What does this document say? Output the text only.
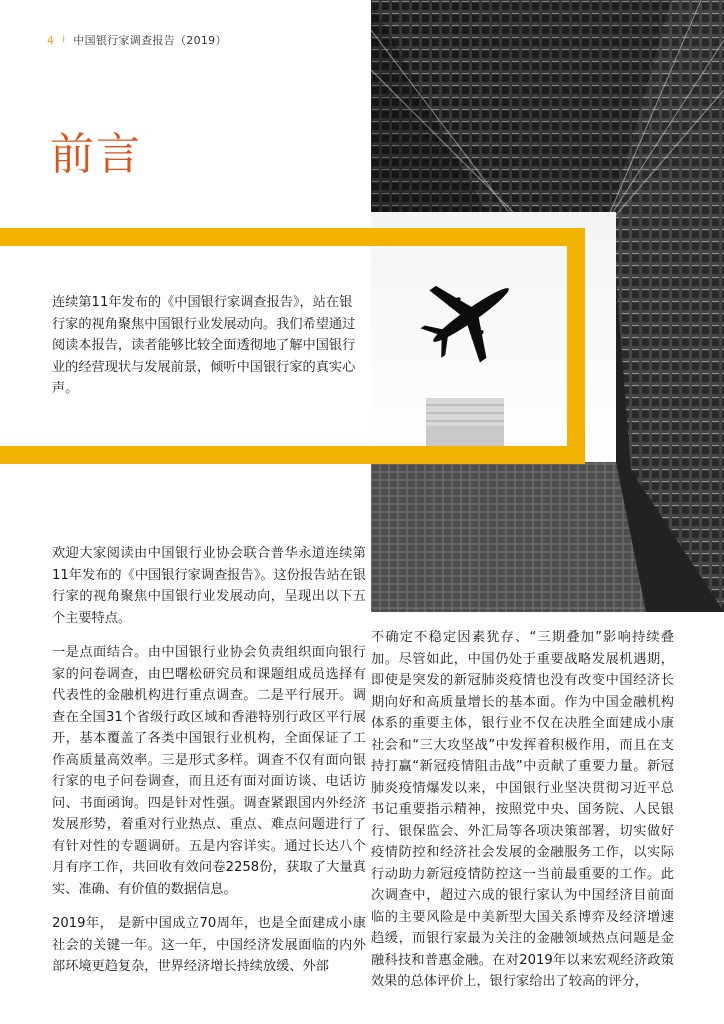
4 I 中国银行家调查报告（2019）
前言

连续第11年发布的《中国银行家调查报告》，站在银行家的视角聚焦中国银行业发展动向。我们希望通过阅读本报告，读者能够比较全面透彻地了解中国银行业的经营现状与发展前景，倾听中国银行家的真实心声。

欢迎大家阅读由中国银行业协会联合普华永道连续第11年发布的《中国银行家调查报告》。这份报告站在银行家的视角聚焦中国银行业发展动向，呈现出以下五个主要特点。

一是点面结合。由中国银行业协会负责组织面向银行家的问卷调查，由巴曙松研究员和课题组成员选择有代表性的金融机构进行重点调查。二是平行展开。调查在全国31个省级行政区域和香港特别行政区平行展开，基本覆盖了各类中国银行业机构，全面保证了工作高质量高效率。三是形式多样。调查不仅有面向银行家的电子问卷调查，而且还有面对面访谈、电话访问、书面函询。四是针对性强。调查紧跟国内外经济发展形势，着重对行业热点、重点、难点问题进行了有针对性的专题调研。五是内容详实。通过长达八个月有序工作，共回收有效问卷2258份，获取了大量真实、准确、有价值的数据信息。

2019年， 是新中国成立70周年，也是全面建成小康社会的关键一年。这一年，中国经济发展面临的内外部环境更趋复杂，世界经济增长持续放缓、外部

不确定不稳定因素犹存、“三期叠加”影响持续叠加。尽管如此，中国仍处于重要战略发展机遇期，即使是突发的新冠肺炎疫情也没有改变中国经济长期向好和高质量增长的基本面。作为中国金融机构体系的重要主体，银行业不仅在决胜全面建成小康社会和“三大攻坚战”中发挥着积极作用，而且在支持打赢“新冠疫情阻击战”中贡献了重要力量。新冠肺炎疫情爆发以来，中国银行业坚决贯彻习近平总书记重要指示精神，按照党中央、国务院、人民银行、银保监会、外汇局等各项决策部署，切实做好疫情防控和经济社会发展的金融服务工作，以实际行动助力新冠疫情防控这一当前最重要的工作。此次调查中，超过六成的银行家认为中国经济目前面临的主要风险是中美新型大国关系博弈及经济增速趋缓，而银行家最为关注的金融领域热点问题是金融科技和普惠金融。在对2019年以来宏观经济政策效果的总体评价上，银行家给出了较高的评分，
